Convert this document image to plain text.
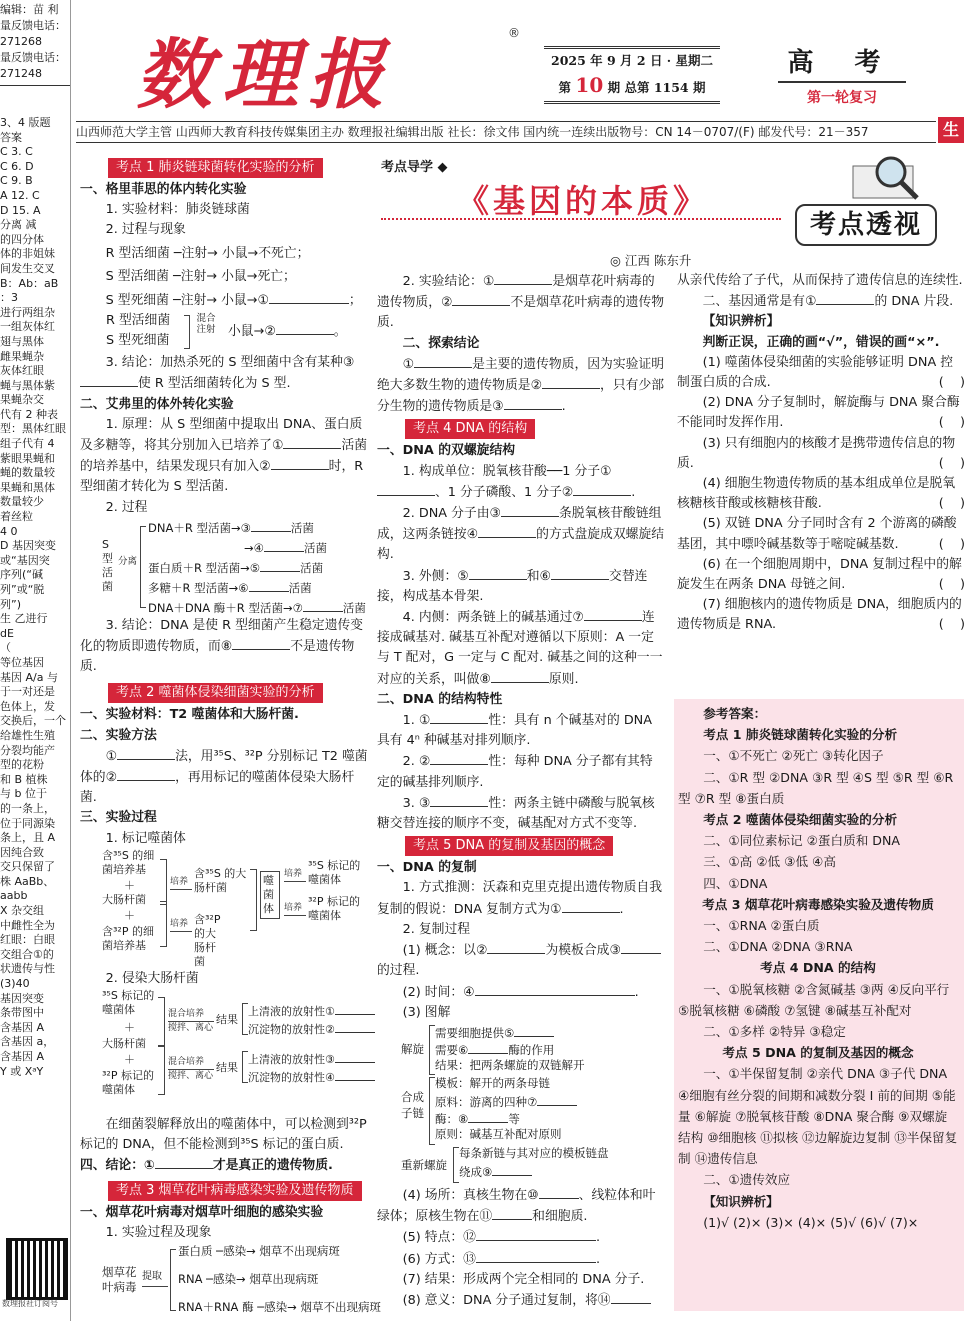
编辑：苗 利
量反馈电话：
271268
量反馈电话：
271248
3、4 版题
答案
C 3. C
C 6. D
C 9. B
A 12. C
D 15. A
分离 减
的四分体
体的非姐妹
间发生交叉
B：Ab：aB
：3
进行两组杂
一组灰体红
翅与黑体
雌果蝇杂
灰体红眼
蝇与黑体紫
果蝇杂交
代有 2 种表
型：黑体红眼
组子代有 4
紫眼果蝇和
蝇的数量较
果蝇和黑体
数量较少
着丝粒
4 0
D 基因突变
或“基因突
序列(“碱
列”或“脱
列”)
生 乙进行
dE
（
等位基因
基因 A/a 与
于一对还是
色体上，发
交换后，一个
给雄性生殖
分裂均能产
型的花粉
和 B 植株
与 b 位于
的一条上，
位于同源染
条上，且 A
因纯合致
交只保留了
株 AaBb、
aabb
X 杂交组
中雌性全为
红眼：白眼
交组合①的
状遗传与性
(3)40
基因突变
条带图中
含基因 A
含基因 a，
含基因 A
Y 或 XᵃY
数理报社订阅号
数理报	®
2025 年 9 月 2 日 · 星期二
第 10 期 总第 1154 期
高 考
第一轮复习
山西师范大学主管 山西师大教育科技传媒集团主办 数理报社编辑出版 社长：徐文伟 国内统一连续出版物号：CN 14－0707/(F) 邮发代号：21－357	生
考点导学 ◆
《基因的本质》
考点透视
◎ 江西 陈东升
考点 1 肺炎链球菌转化实验的分析

一、格里菲思的体内转化实验

1. 实验材料：肺炎链球菌

2. 过程与现象

R 型活细菌 ─注射→ 小鼠→不死亡；

S 型活细菌 ─注射→ 小鼠→死亡；

S 型死细菌 ─注射→ 小鼠→①	；

R 型活细菌
S 型死细菌
混合 注射 小鼠→②	。

3. 结论：加热杀死的 S 型细菌中含有某种③使 R 型活细菌转化为 S 型.

二、艾弗里的体外转化实验

1. 原理：从 S 型细菌中提取出 DNA、蛋白质及多糖等，将其分别加入已培养了①	活菌的培养基中，结果发现只有加入②	时，R 型细菌才转化为 S 型活菌.

2. 过程

S型活菌
分离
DNA＋R 型活菌→③	活菌
→④	活菌
蛋白质＋R 型活菌→⑤	活菌
多糖＋R 型活菌→⑥	活菌
DNA＋DNA 酶＋R 型活菌→⑦	活菌

3. 结论：DNA 是使 R 型细菌产生稳定遗传变化的物质即遗传物质，而⑧	不是遗传物质.

考点 2 噬菌体侵染细菌实验的分析

一、实验材料：T2 噬菌体和大肠杆菌.

二、实验方法

①	法，用³⁵S、³²P 分别标记 T2 噬菌体的②	，再用标记的噬菌体侵染大肠杆菌.

三、实验过程

1. 标记噬菌体

含³⁵S 的细菌培养基
＋
大肠杆菌
＋
含³²P 的细菌培养基
培养
培养
含³⁵S 的大肠杆菌
含³²P 的大肠杆菌
噬菌体
培养
培养
³⁵S 标记的噬菌体
³²P 标记的噬菌体

2. 侵染大肠杆菌

³⁵S 标记的噬菌体
＋
大肠杆菌
＋
³²P 标记的噬菌体
混合培养
搅拌、离心
混合培养
搅拌、离心
结果
结果
上清液的放射性①
沉淀物的放射性②
上清液的放射性③
沉淀物的放射性④

在细菌裂解释放出的噬菌体中，可以检测到³²P 标记的 DNA，但不能检测到³⁵S 标记的蛋白质.

四、结论：①	才是真正的遗传物质.

考点 3 烟草花叶病毒感染实验及遗传物质

一、烟草花叶病毒对烟草叶细胞的感染实验

1. 实验过程及现象

烟草花叶病毒
提取
蛋白质 ─感染→ 烟草不出现病斑
RNA ─感染→ 烟草出现病斑
RNA＋RNA 酶 ─感染→ 烟草不出现病斑

2. 实验结论：①	是烟草花叶病毒的遗传物质，②	不是烟草花叶病毒的遗传物质.

二、探索结论

①	是主要的遗传物质，因为实验证明绝大多数生物的遗传物质是②	，只有少部分生物的遗传物质是③	.

考点 4 DNA 的结构

一、DNA 的双螺旋结构

1. 构成单位：脱氧核苷酸──1 分子①、1 分子磷酸、1 分子②	.

2. DNA 分子由③	条脱氧核苷酸链组成，这两条链按④	的方式盘旋成双螺旋结构.

3. 外侧：⑤	和⑥	交替连接，构成基本骨架.

4. 内侧：两条链上的碱基通过⑦	连接成碱基对. 碱基互补配对遵循以下原则：A 一定与 T 配对，G 一定与 C 配对. 碱基之间的这种一一对应的关系，叫做⑧	原则.

二、DNA 的结构特性

1. ①	性：具有 n 个碱基对的 DNA 具有 4ⁿ 种碱基对排列顺序.

2. ②	性：每种 DNA 分子都有其特定的碱基排列顺序.

3. ③	性：两条主链中磷酸与脱氧核糖交替连接的顺序不变，碱基配对方式不变等.

考点 5 DNA 的复制及基因的概念

一、DNA 的复制

1. 方式推测：沃森和克里克提出遗传物质自我复制的假说：DNA 复制方式为①	.

2. 复制过程

(1) 概念：以②	为模板合成③的过程.

(2) 时间：④	.

(3) 图解

解旋
需要细胞提供⑤
需要⑥	酶的作用
结果：把两条螺旋的双链解开
合成子链
模板：解开的两条母链
原料：游离的四种⑦
酶：⑧	等
原则：碱基互补配对原则
重新螺旋
每条新链与其对应的模板链盘绕成⑨

(4) 场所：真核生物在⑩	、线粒体和叶绿体；原核生物在⑪	和细胞质.

(5) 特点：⑫	.

(6) 方式：⑬	.

(7) 结果：形成两个完全相同的 DNA 分子.

(8) 意义：DNA 分子通过复制，将⑭

从亲代传给了子代，从而保持了遗传信息的连续性.

二、基因通常是有①	的 DNA 片段.

【知识辨析】

判断正误，正确的画“√”，错误的画“×”.

(1) 噬菌体侵染细菌的实验能够证明 DNA 控制蛋白质的合成.	(    )

(2) DNA 分子复制时，解旋酶与 DNA 聚合酶不能同时发挥作用.	(    )

(3) 只有细胞内的核酸才是携带遗传信息的物质.	(    )

(4) 细胞生物遗传物质的基本组成单位是脱氧核糖核苷酸或核糖核苷酸.	(    )

(5) 双链 DNA 分子同时含有 2 个游离的磷酸基团，其中嘌呤碱基数等于嘧啶碱基数.	(    )

(6) 在一个细胞周期中，DNA 复制过程中的解旋发生在两条 DNA 母链之间.	(    )

(7) 细胞核内的遗传物质是 DNA，细胞质内的遗传物质是 RNA.	(    )

参考答案：

考点 1 肺炎链球菌转化实验的分析

一、①不死亡 ②死亡 ③转化因子

二、①R 型 ②DNA ③R 型 ④S 型 ⑤R 型 ⑥R 型 ⑦R 型 ⑧蛋白质

考点 2 噬菌体侵染细菌实验的分析

二、①同位素标记 ②蛋白质和 DNA

三、①高 ②低 ③低 ④高

四、①DNA

考点 3 烟草花叶病毒感染实验及遗传物质

一、①RNA ②蛋白质

二、①DNA ②DNA ③RNA

考点 4 DNA 的结构

一、①脱氧核糖 ②含氮碱基 ③两 ④反向平行 ⑤脱氧核糖 ⑥磷酸 ⑦氢键 ⑧碱基互补配对

二、①多样 ②特异 ③稳定

考点 5 DNA 的复制及基因的概念

一、①半保留复制 ②亲代 DNA ③子代 DNA ④细胞有丝分裂的间期和减数分裂 I 前的间期 ⑤能量 ⑥解旋 ⑦脱氧核苷酸 ⑧DNA 聚合酶 ⑨双螺旋结构 ⑩细胞核 ⑪拟核 ⑫边解旋边复制 ⑬半保留复制 ⑭遗传信息

二、①遗传效应

【知识辨析】

(1)√ (2)× (3)× (4)× (5)√ (6)√ (7)×
